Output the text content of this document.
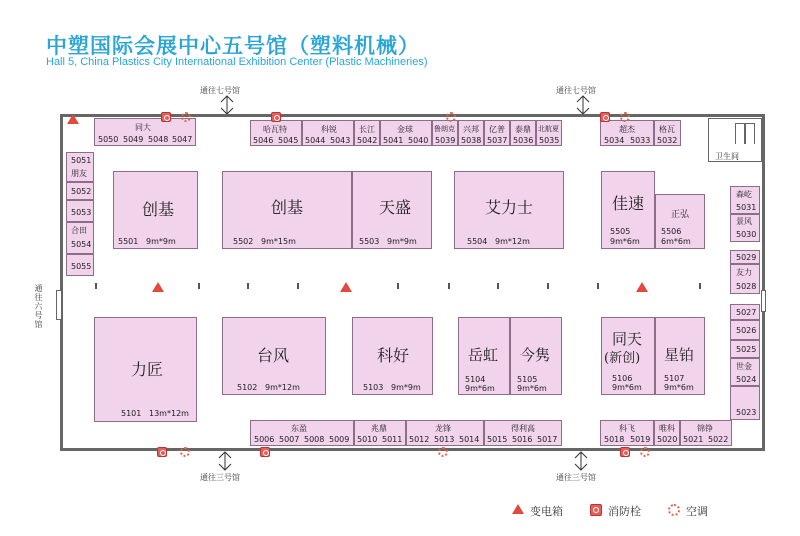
中塑国际会展中心五号馆（塑料机械）
Hall 5, China Plastics City International Exhibition Center (Plastic Machineries)
通往七号馆	通往七号馆
卫生间
同大
5050 5049 5048 5047
哈瓦特
5046 5045
科锐
5044 5043
长江
5042
金球
5041 5040
鲁朗克
5039
兴邦
5038
亿普
5037
泰鼎
5036
北航夏
5035
超杰
5034 5033
格瓦
5032
5051
朋友
5052
5053
合田
5054
5055
森屹
5031
景风
5030
5029
友力
5028
5027
5026
5025
世金
5024
5023
创基
5501 9m*9m
创基
5502 9m*15m
天盛
5503 9m*9m
艾力士
5504 9m*12m
佳速
5505
9m*6m
正弘
5506
6m*6m
力匠
5101 13m*12m
台风
5102 9m*12m
科好
5103 9m*9m
岳虹
5104
9m*6m
今隽
5105
9m*6m
同天
(新创)
5106
9m*6m
星铂
5107
9m*6m
东盈
5006 5007 5008 5009
兆鼎
5010 5011
龙锋
5012 5013 5014
得利高
5015 5016 5017
科飞
5018 5019
唯科
5020
锦铮
5021 5022
通往六号馆
通往三号馆	通往三号馆
变电箱	消防栓	空调
